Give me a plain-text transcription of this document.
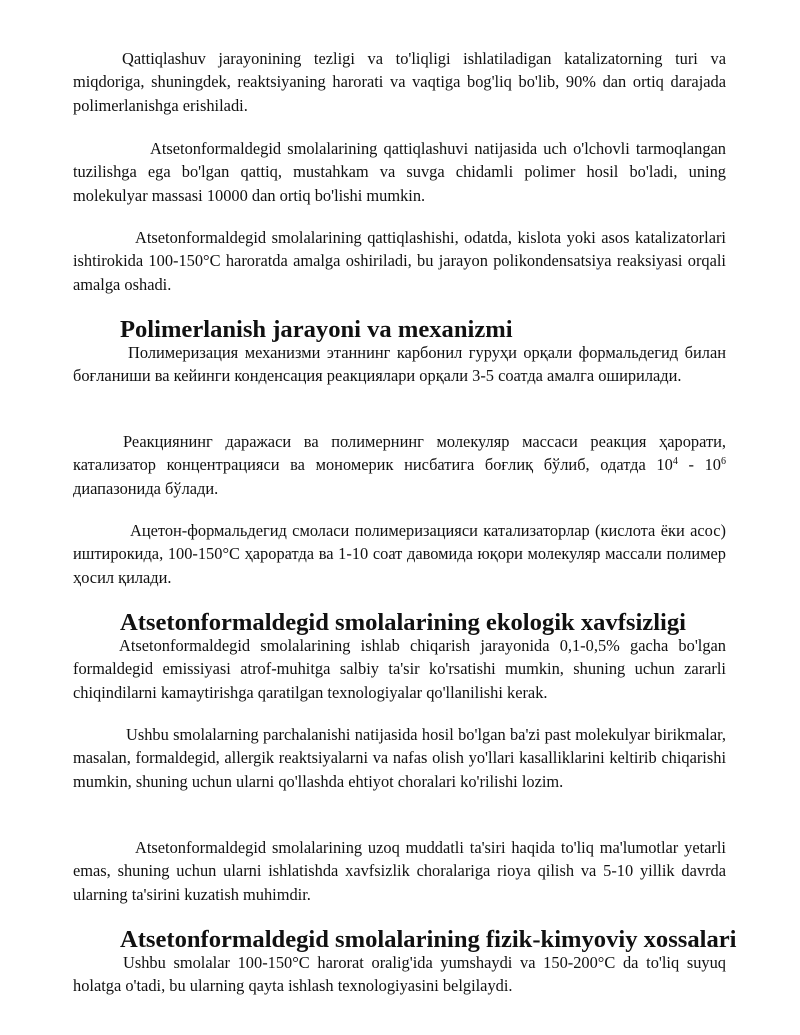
Qattiqlashuv jarayonining tezligi va to'liqligi ishlatiladigan katalizatorning turi va miqdoriga, shuningdek, reaktsiyaning harorati va vaqtiga bog'liq bo'lib, 90% dan ortiq darajada polimerlanishga erishiladi.

Atsetonformaldegid smolalarining qattiqlashuvi natijasida uch o'lchovli tarmoqlangan tuzilishga ega bo'lgan qattiq, mustahkam va suvga chidamli polimer hosil bo'ladi, uning molekulyar massasi 10000 dan ortiq bo'lishi mumkin.

Atsetonformaldegid smolalarining qattiqlashishi, odatda, kislota yoki asos katalizatorlari ishtirokida 100-150°C haroratda amalga oshiriladi, bu jarayon polikondensatsiya reaksiyasi orqali amalga oshadi.

Polimerlanish jarayoni va mexanizmi

Полимеризация механизми этаннинг карбонил гуруҳи орқали формальдегид билан боғланиши ва кейинги конденсация реакциялари орқали 3-5 соатда амалга оширилади.

Реакциянинг даражаси ва полимернинг молекуляр массаси реакция ҳарорати, катализатор концентрацияси ва мономерик нисбатига боғлиқ бўлиб, одатда $10^4 - 10^6$ диапазонида бўлади.

Ацетон-формальдегид смоласи полимеризацияси катализаторлар (кислота ёки асос) иштирокида, 100-150°C ҳароратда ва 1-10 соат давомида юқори молекуляр массали полимер ҳосил қилади.

Atsetonformaldegid smolalarining ekologik xavfsizligi

Atsetonformaldegid smolalarining ishlab chiqarish jarayonida 0,1-0,5% gacha bo'lgan formaldegid emissiyasi atrof-muhitga salbiy ta'sir ko'rsatishi mumkin, shuning uchun zararli chiqindilarni kamaytirishga qaratilgan texnologiyalar qo'llanilishi kerak.

Ushbu smolalarning parchalanishi natijasida hosil bo'lgan ba'zi past molekulyar birikmalar, masalan, formaldegid, allergik reaktsiyalarni va nafas olish yo'llari kasalliklarini keltirib chiqarishi mumkin, shuning uchun ularni qo'llashda ehtiyot choralari ko'rilishi lozim.

Atsetonformaldegid smolalarining uzoq muddatli ta'siri haqida to'liq ma'lumotlar yetarli emas, shuning uchun ularni ishlatishda xavfsizlik choralariga rioya qilish va 5-10 yillik davrda ularning ta'sirini kuzatish muhimdir.

Atsetonformaldegid smolalarining fizik-kimyoviy xossalari

Ushbu smolalar 100-150°C harorat oralig'ida yumshaydi va 150-200°C da to'liq suyuq holatga o'tadi, bu ularning qayta ishlash texnologiyasini belgilaydi.
